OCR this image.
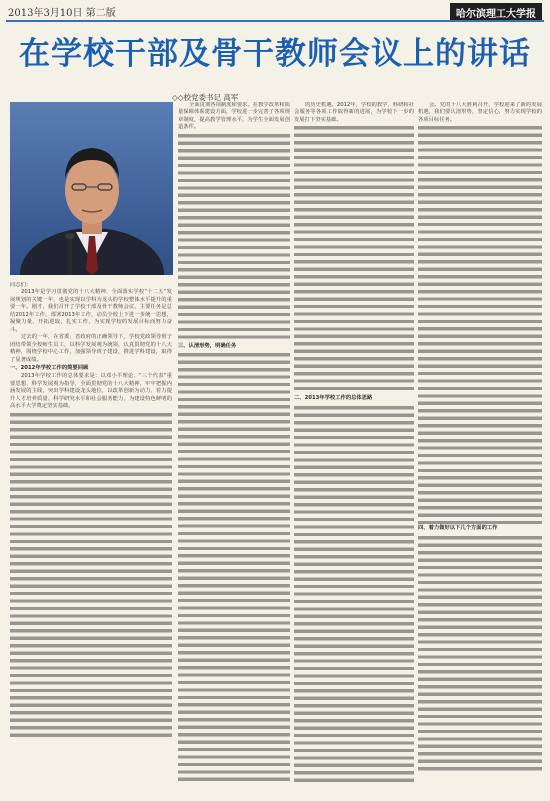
2013年3月10日 第二版	哈尔滨理工大学报
在学校干部及骨干教师会议上的讲话
◇◇校党委书记 高军

同志们：

2013年是学习贯彻党的十八大精神、全面落实学校“十二五”发展规划的关键一年，也是实现以学科为龙头的学校整体水平提升的重要一年。刚才，我们召开了学校干部及骨干教师会议，主要任务是总结2012年工作，部署2013年工作，动员全校上下进一步统一思想，凝聚力量，开拓进取，扎实工作，为实现学校的发展目标而努力奋斗。

过去的一年，在省委、省政府的正确领导下，学校党政领导班子团结带领全校师生员工，以科学发展观为统领，认真贯彻党的十八大精神，围绕学校中心工作，加强领导班子建设，推进学科建设，取得了显著成绩。

一、2012年学校工作的简要回顾

2013年学校工作的总体要求是：以邓小平理论、“三个代表”重要思想、科学发展观为指导，全面贯彻党的十八大精神，牢牢把握内涵发展的主线，突出学科建设龙头地位，以改革创新为动力，着力提升人才培养质量、科学研究水平和社会服务能力，为建设特色鲜明的高水平大学奠定坚实基础。

全面贯彻各项制度和要求。在教学改革和质量保障体系建设方面，学校进一步完善了各项规章制度，提高教学管理水平，为学生全面发展创造条件。

三、认清形势，明确任务

的历史机遇。2012年，学校的教学、科研和社会服务等各项工作取得新的进展，为学校下一步的发展打下坚实基础。

二、2013年学校工作的总体思路

会。党的十八大胜利召开，学校迎来了新的发展机遇，我们要认清形势，坚定信心，努力实现学校的各项目标任务。

四、着力做好以下几个方面的工作
